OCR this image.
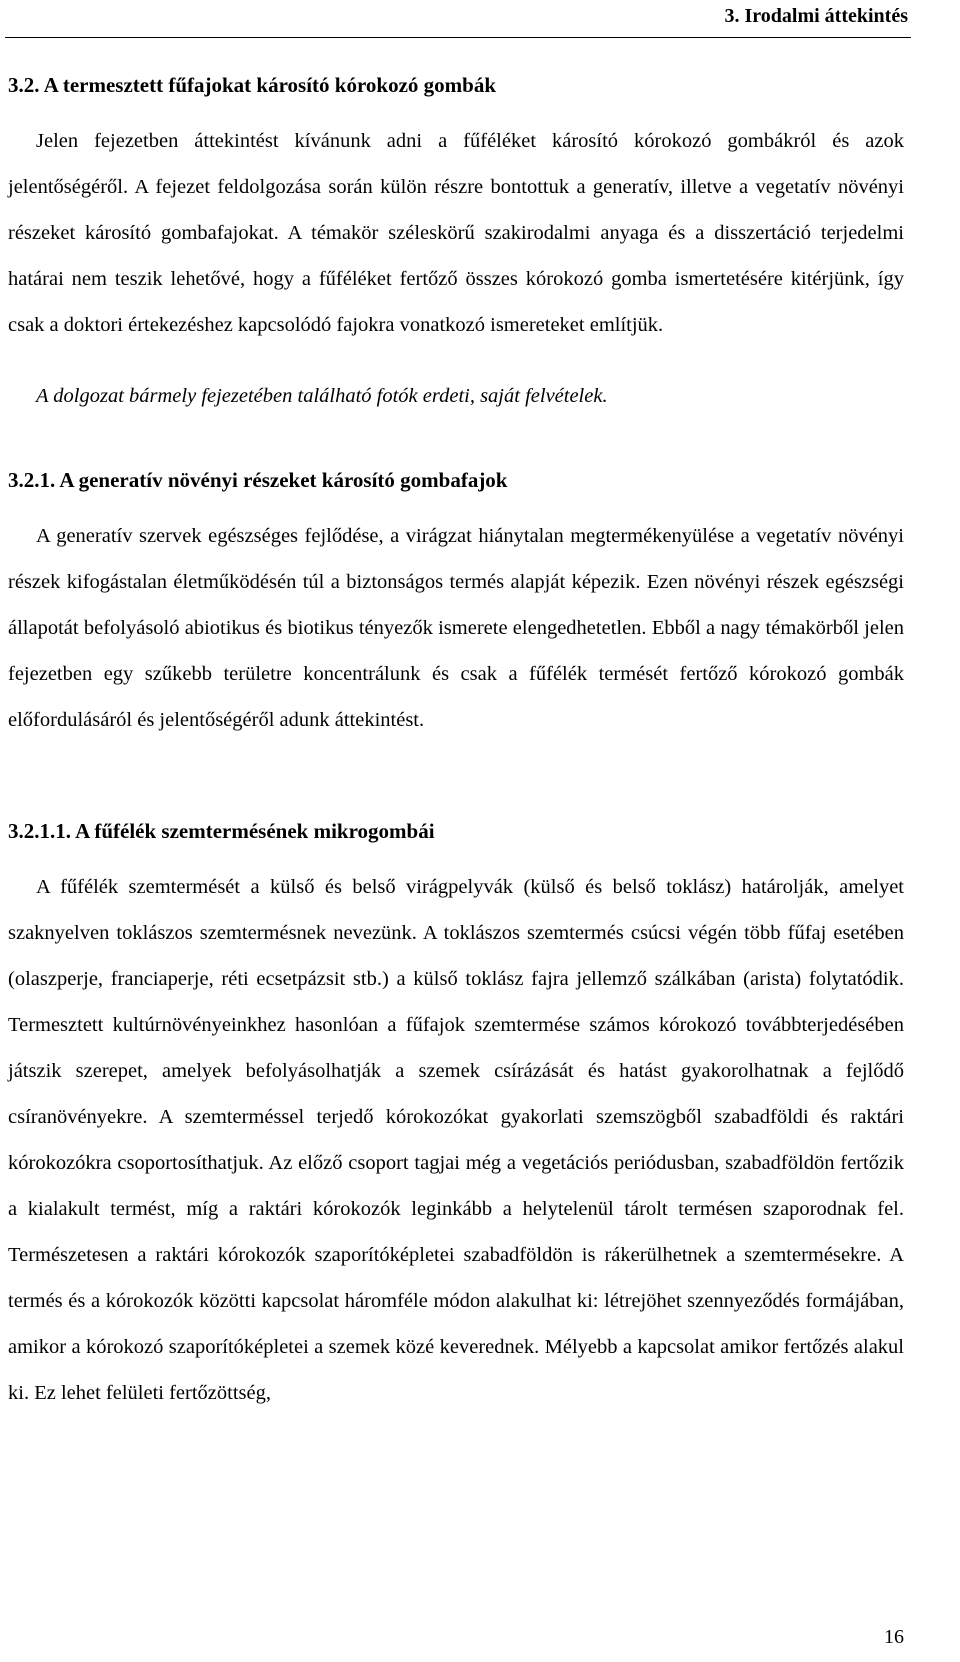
3. Irodalmi áttekintés
3.2. A termesztett fűfajokat károsító kórokozó gombák
Jelen fejezetben áttekintést kívánunk adni a fűféléket károsító kórokozó gombákról és azok jelentőségéről. A fejezet feldolgozása során külön részre bontottuk a generatív, illetve a vegetatív növényi részeket károsító gombafajokat. A témakör széleskörű szakirodalmi anyaga és a disszertáció terjedelmi határai nem teszik lehetővé, hogy a fűféléket fertőző összes kórokozó gomba ismertetésére kitérjünk, így csak a doktori értekezéshez kapcsolódó fajokra vonatkozó ismereteket említjük.
A dolgozat bármely fejezetében található fotók erdeti, saját felvételek.
3.2.1. A generatív növényi részeket károsító gombafajok
A generatív szervek egészséges fejlődése, a virágzat hiánytalan megtermékenyülése a vegetatív növényi részek kifogástalan életműködésén túl a biztonságos termés alapját képezik. Ezen növényi részek egészségi állapotát befolyásoló abiotikus és biotikus tényezők ismerete elengedhetetlen. Ebből a nagy témakörből jelen fejezetben egy szűkebb területre koncentrálunk és csak a fűfélék termését fertőző kórokozó gombák előfordulásáról és jelentőségéről adunk áttekintést.
3.2.1.1. A fűfélék szemtermésének mikrogombái
A fűfélék szemtermését a külső és belső virágpelyvák (külső és belső toklász) határolják, amelyet szaknyelven toklászos szemtermésnek nevezünk. A toklászos szemtermés csúcsi végén több fűfaj esetében (olaszperje, franciaperje, réti ecsetpázsit stb.) a külső toklász fajra jellemző szálkában (arista) folytatódik. Termesztett kultúrnövényeinkhez hasonlóan a fűfajok szemtermése számos kórokozó továbbterjedésében játszik szerepet, amelyek befolyásolhatják a szemek csírázását és hatást gyakorolhatnak a fejlődő csíranövényekre. A szemterméssel terjedő kórokozókat gyakorlati szemszögből szabadföldi és raktári kórokozókra csoportosíthatjuk. Az előző csoport tagjai még a vegetációs periódusban, szabadföldön fertőzik a kialakult termést, míg a raktári kórokozók leginkább a helytelenül tárolt termésen szaporodnak fel. Természetesen a raktári kórokozók szaporítóképletei szabadföldön is rákerülhetnek a szemtermésekre. A termés és a kórokozók közötti kapcsolat háromféle módon alakulhat ki: létrejöhet szennyeződés formájában, amikor a kórokozó szaporítóképletei a szemek közé keverednek. Mélyebb a kapcsolat amikor fertőzés alakul ki. Ez lehet felületi fertőzöttség,
16
